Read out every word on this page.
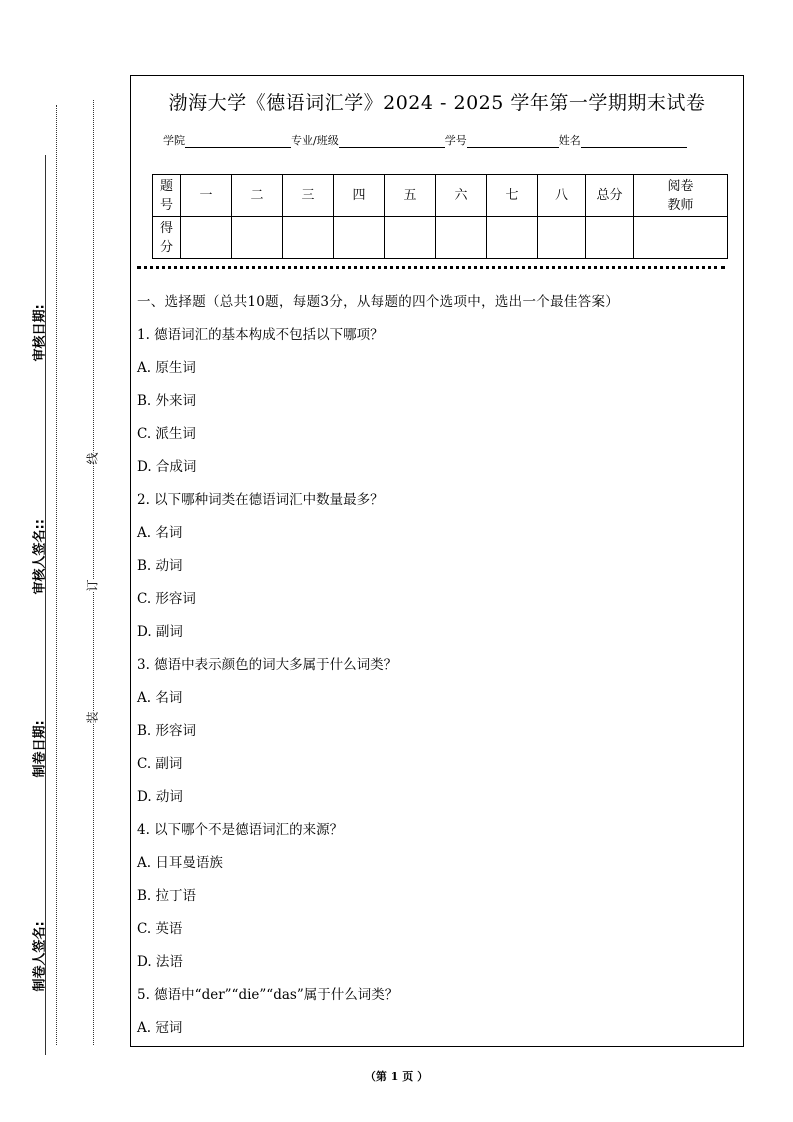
审核日期:
审核人签名::
制卷日期:
制卷人签名:
线
订
装
渤海大学《德语词汇学》2024 - 2025 学年第一学期期末试卷
学院	专业/班级	学号	姓名
题号	一	二	三	四	五	六	七	八	总分	阅卷教师
得分										
一、选择题（总共10题，每题3分，从每题的四个选项中，选出一个最佳答案）
1. 德语词汇的基本构成不包括以下哪项？
A. 原生词
B. 外来词
C. 派生词
D. 合成词
2. 以下哪种词类在德语词汇中数量最多？
A. 名词
B. 动词
C. 形容词
D. 副词
3. 德语中表示颜色的词大多属于什么词类？
A. 名词
B. 形容词
C. 副词
D. 动词
4. 以下哪个不是德语词汇的来源？
A. 日耳曼语族
B. 拉丁语
C. 英语
D. 法语
5. 德语中“der”“die”“das”属于什么词类？
A. 冠词
（第 1 页 ）
